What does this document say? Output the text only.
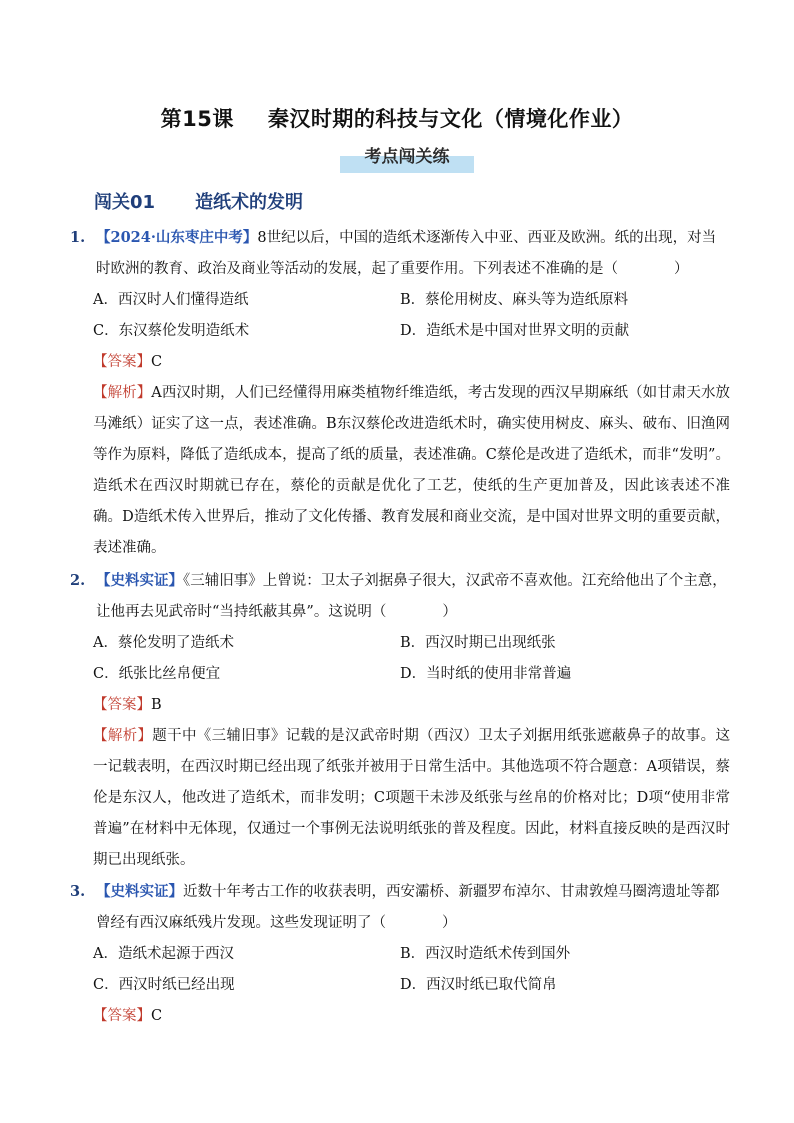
第15课 秦汉时期的科技与文化（情境化作业）
考点闯关练
闯关01 造纸术的发明
1. 【2024·山东枣庄中考】8世纪以后，中国的造纸术逐渐传入中亚、西亚及欧洲。纸的出现，对当时欧洲的教育、政治及商业等活动的发展，起了重要作用。下列表述不准确的是（	）
A．西汉时人们懂得造纸	B．蔡伦用树皮、麻头等为造纸原料
C．东汉蔡伦发明造纸术	D．造纸术是中国对世界文明的贡献
【答案】C
【解析】A西汉时期，人们已经懂得用麻类植物纤维造纸，考古发现的西汉早期麻纸（如甘肃天水放马滩纸）证实了这一点，表述准确。B东汉蔡伦改进造纸术时，确实使用树皮、麻头、破布、旧渔网等作为原料，降低了造纸成本，提高了纸的质量，表述准确。C蔡伦是改进了造纸术，而非“发明”。造纸术在西汉时期就已存在，蔡伦的贡献是优化了工艺，使纸的生产更加普及，因此该表述不准确。D造纸术传入世界后，推动了文化传播、教育发展和商业交流，是中国对世界文明的重要贡献，表述准确。
2. 【史料实证】《三辅旧事》上曾说：卫太子刘据鼻子很大，汉武帝不喜欢他。江充给他出了个主意，让他再去见武帝时“当持纸蔽其鼻”。这说明（	）
A．蔡伦发明了造纸术	B．西汉时期已出现纸张
C．纸张比丝帛便宜	D．当时纸的使用非常普遍
【答案】B
【解析】题干中《三辅旧事》记载的是汉武帝时期（西汉）卫太子刘据用纸张遮蔽鼻子的故事。这一记载表明，在西汉时期已经出现了纸张并被用于日常生活中。其他选项不符合题意：A项错误，蔡伦是东汉人，他改进了造纸术，而非发明；C项题干未涉及纸张与丝帛的价格对比；D项“使用非常普遍”在材料中无体现，仅通过一个事例无法说明纸张的普及程度。因此，材料直接反映的是西汉时期已出现纸张。
3. 【史料实证】近数十年考古工作的收获表明，西安灞桥、新疆罗布淖尔、甘肃敦煌马圈湾遗址等都曾经有西汉麻纸残片发现。这些发现证明了（	）
A．造纸术起源于西汉	B．西汉时造纸术传到国外
C．西汉时纸已经出现	D．西汉时纸已取代简帛
【答案】C
